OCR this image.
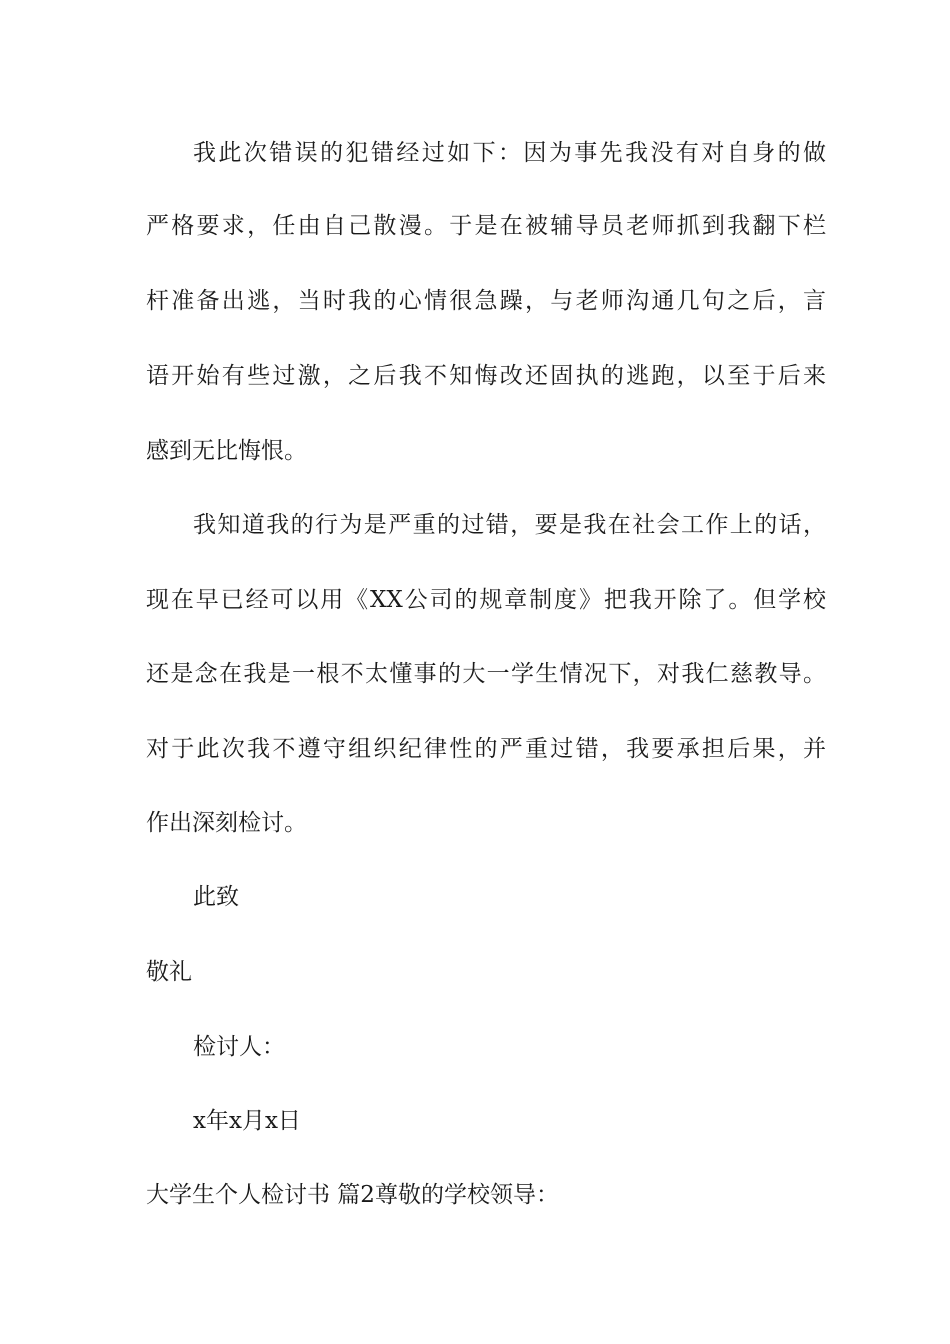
我此次错误的犯错经过如下：因为事先我没有对自身的做

严格要求，任由自己散漫。于是在被辅导员老师抓到我翻下栏

杆准备出逃，当时我的心情很急躁，与老师沟通几句之后，言

语开始有些过激，之后我不知悔改还固执的逃跑，以至于后来

感到无比悔恨。

我知道我的行为是严重的过错，要是我在社会工作上的话，

现在早已经可以用《XX公司的规章制度》把我开除了。但学校

还是念在我是一根不太懂事的大一学生情况下，对我仁慈教导。

对于此次我不遵守组织纪律性的严重过错，我要承担后果，并

作出深刻检讨。

此致

敬礼

检讨人：

x年x月x日

大学生个人检讨书 篇2尊敬的学校领导：
